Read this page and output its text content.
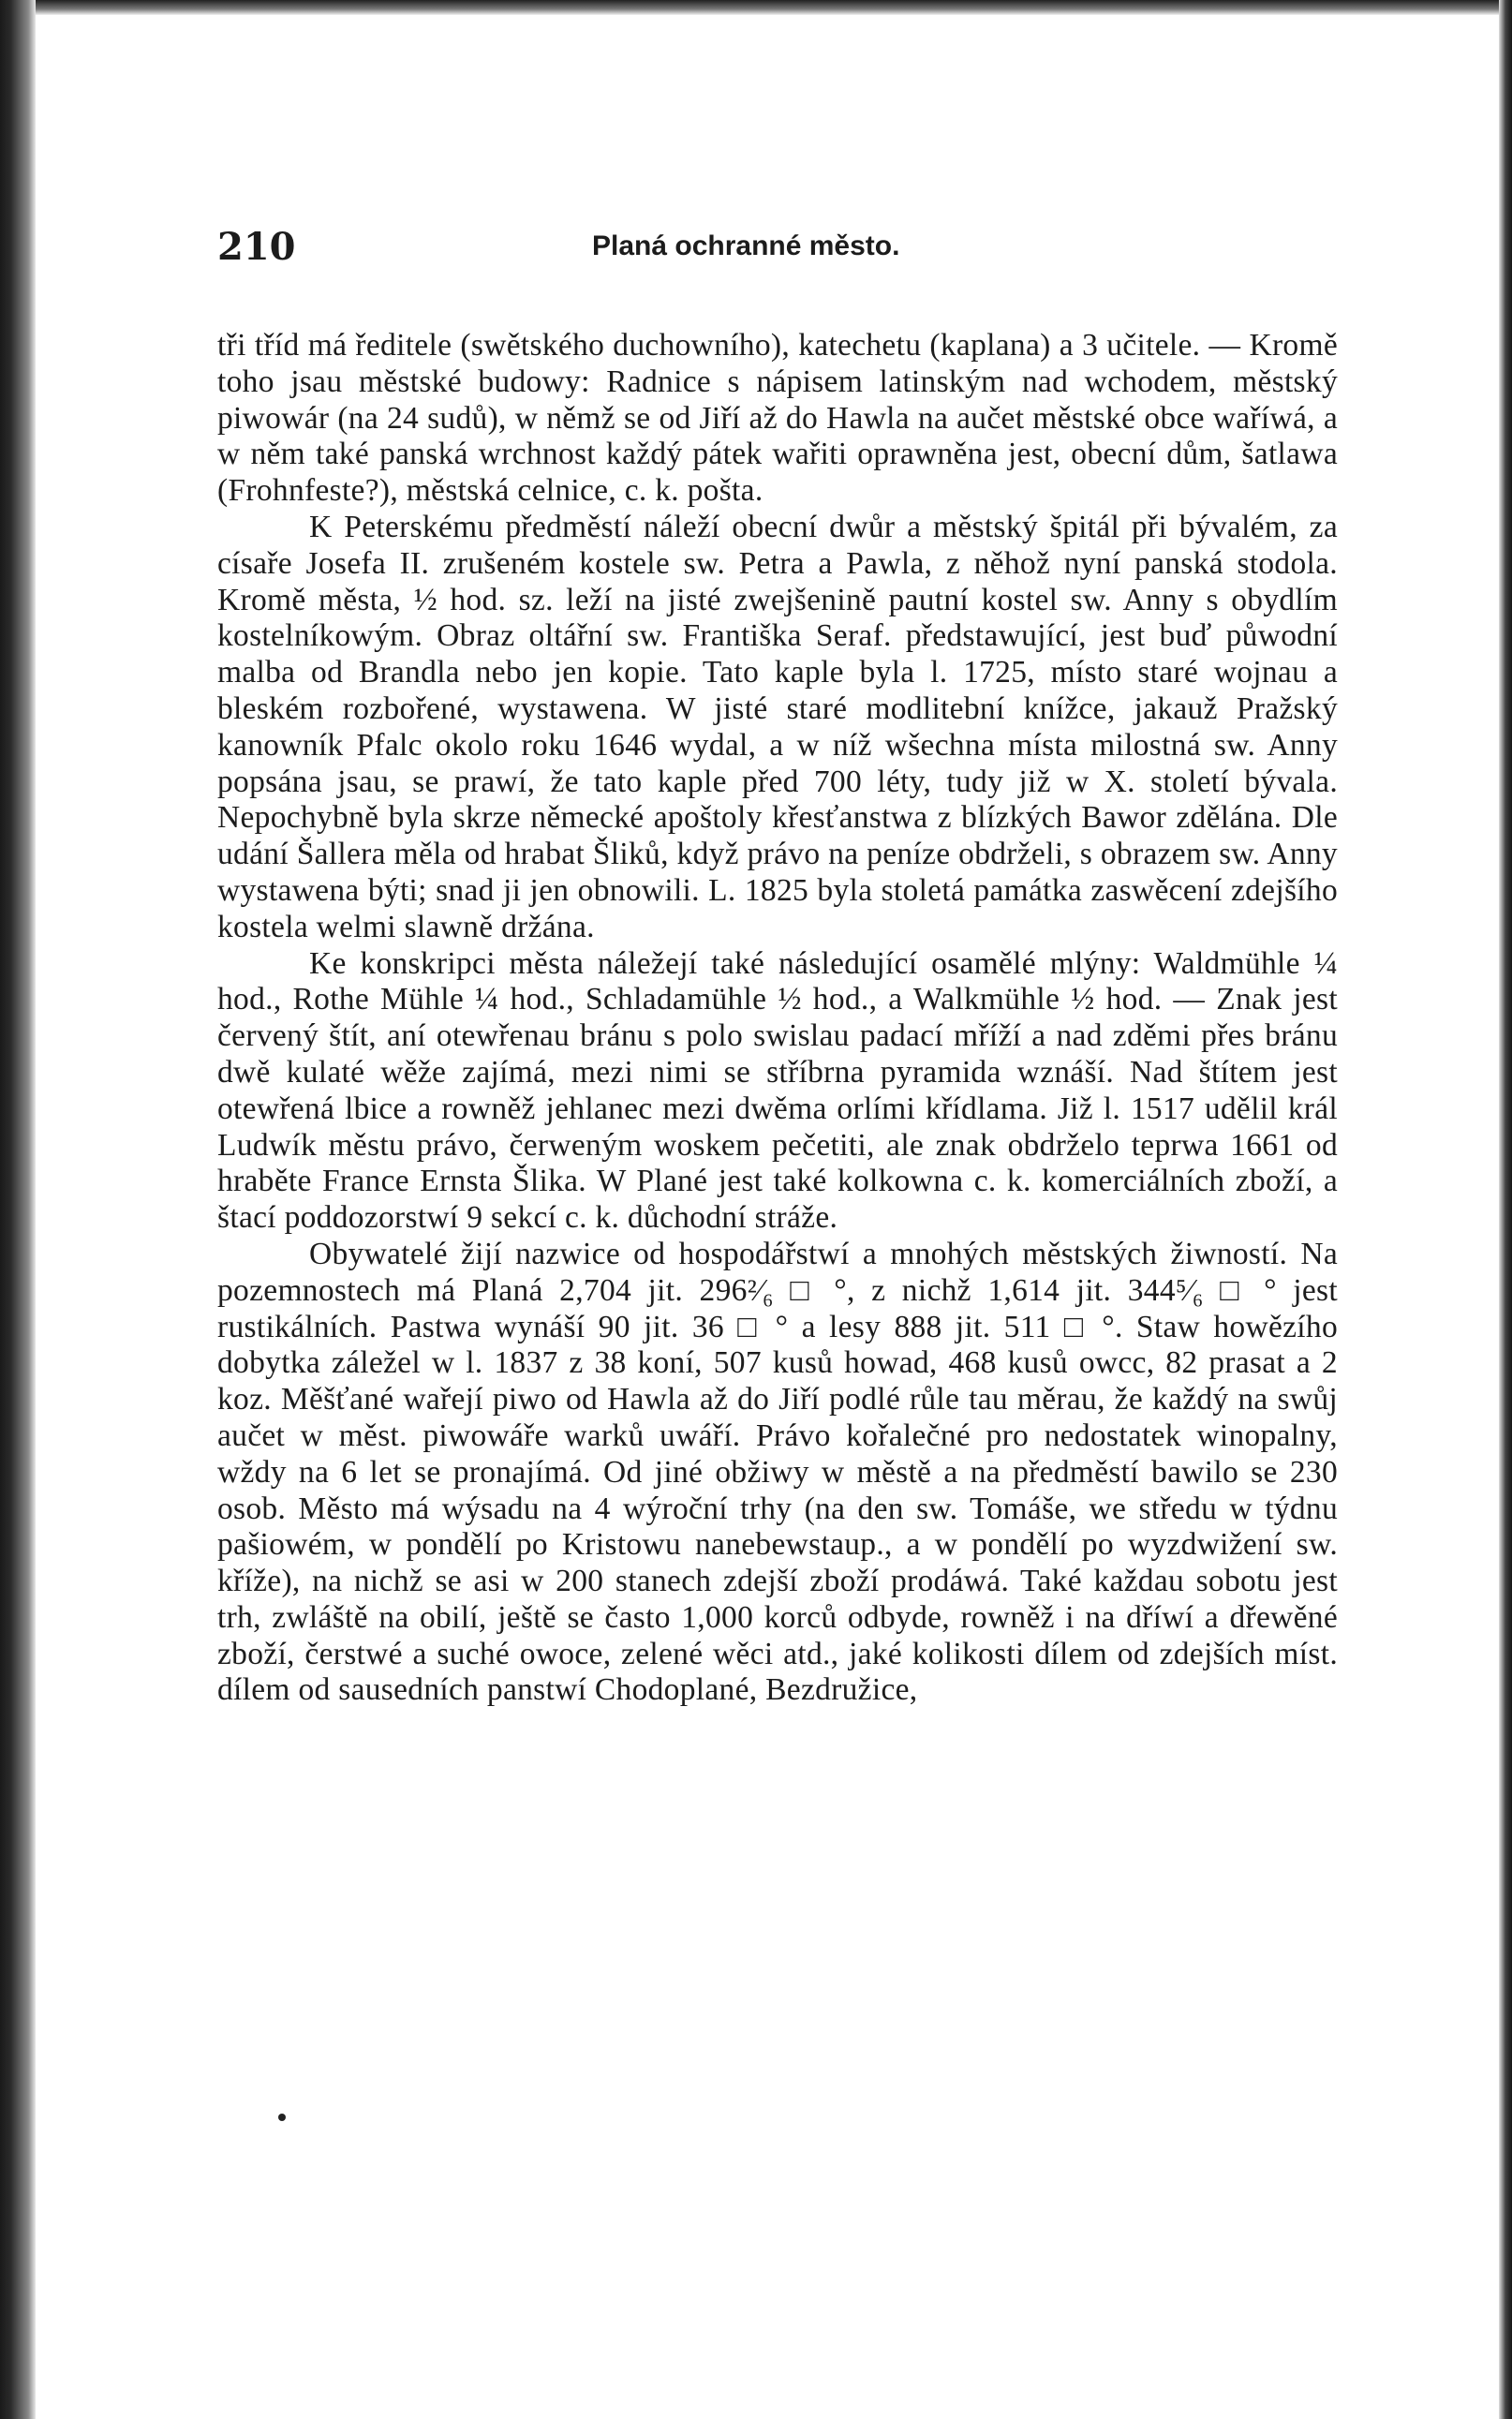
210	Planá ochranné město.

tři tříd má ředitele (swětského duchowního), katechetu (kaplana) a 3 učitele. — Kromě toho jsau městské budowy: Radnice s nápisem latinským nad wchodem, městský piwowár (na 24 sudů), w němž se od Jiří až do Hawla na aučet městské obce waříwá, a w něm také panská wrchnost každý pátek wařiti oprawněna jest, obecní dům, šatlawa (Frohnfeste?), městská celnice, c. k. pošta.

K Peterskému předměstí náleží obecní dwůr a městský špitál při bývalém, za císaře Josefa II. zrušeném kostele sw. Petra a Pawla, z něhož nyní panská stodola. Kromě města, ½ hod. sz. leží na jisté zwejšenině pautní kostel sw. Anny s obydlím kostelníkowým. Obraz oltářní sw. Františka Seraf. předstawující, jest buď půwodní malba od Brandla nebo jen kopie. Tato kaple byla l. 1725, místo staré wojnau a bleském rozbořené, wystawena. W jisté staré modlitební knížce, jakauž Pražský kanowník Pfalc okolo roku 1646 wydal, a w níž wšechna místa milostná sw. Anny popsána jsau, se prawí, že tato kaple před 700 léty, tudy již w X. století bývala. Nepochybně byla skrze německé apoštoly křesťanstwa z blízkých Bawor zdělána. Dle udání Šallera měla od hrabat Šliků, když právo na peníze obdrželi, s obrazem sw. Anny wystawena býti; snad ji jen obnowili. L. 1825 byla stoletá památka zaswěcení zdejšího kostela welmi slawně držána.

Ke konskripci města náležejí také následující osamělé mlýny: Waldmühle ¼ hod., Rothe Mühle ¼ hod., Schladamühle ½ hod., a Walkmühle ½ hod. — Znak jest červený štít, aní otewřenau bránu s polo swislau padací mříží a nad zděmi přes bránu dwě kulaté wěže zajímá, mezi nimi se stříbrna pyramida wznáší. Nad štítem jest otewřená lbice a rowněž jehlanec mezi dwěma orlími křídlama. Již l. 1517 udělil král Ludwík městu právo, čerweným woskem pečetiti, ale znak obdrželo teprwa 1661 od hraběte Francе Ernsta Šlika. W Plané jest také kolkowna c. k. komerciálních zboží, a štací poddozorstwí 9 sekcí c. k. důchodní stráže.

Obywatelé žijí nazwice od hospodářstwí a mnohých městských žiwností. Na pozemnostech má Planá 2,704 jit. 296²⁄₆ □ °, z nichž 1,614 jit. 344⁵⁄₆ □ ° jest rustikálních. Pastwa wynáší 90 jit. 36 □ ° a lesy 888 jit. 511 □ °. Staw howězího dobytka záležel w l. 1837 z 38 koní, 507 kusů howad, 468 kusů owcc, 82 prasat a 2 koz. Měšťané wařejí piwo od Hawla až do Jiří podlé růle tau měrau, že každý na swůj aučet w měst. piwowáře warků uwáří. Právo kořalečné pro nedostatek winopalny, wždy na 6 let se pronajímá. Od jiné obžiwy w městě a na předměstí bawilo se 230 osob. Město má wýsadu na 4 wýroční trhy (na den sw. Tomáše, we středu w týdnu pašiowém, w pondělí po Kristowu nanebewstaup., a w pondělí po wyzdwižení sw. kříže), na nichž se asi w 200 stanech zdejší zboží prodáwá. Také každau sobotu jest trh, zwláště na obilí, ještě se často 1,000 korců odbyde, rowněž i na dříwí a dřewěné zboží, čerstwé a suché owoce, zelené wěci atd., jaké kolikosti dílem od zdejších míst. dílem od sausedních panstwí Chodoplané, Bezdružice,
